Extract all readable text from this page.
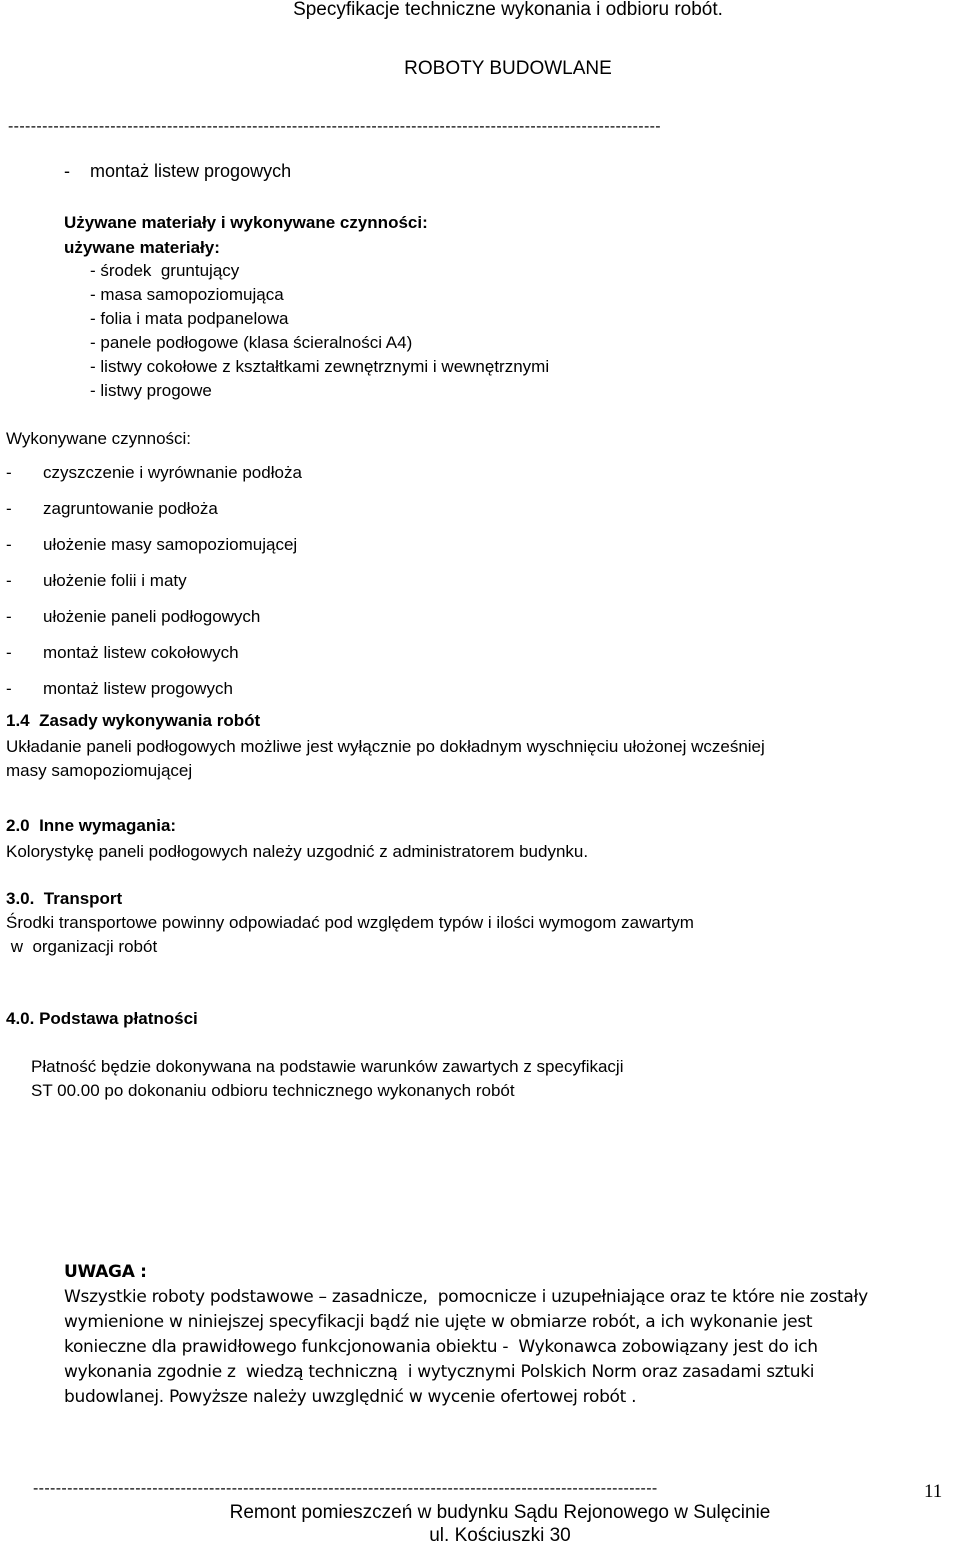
Specyfikacje techniczne wykonania i odbioru robót.
ROBOTY BUDOWLANE
-------------------------------------------------------------------------------------------------------------------
-    montaż listew progowych
Używane materiały i wykonywane czynności:
używane materiały:
- środek  gruntujący
- masa samopoziomująca
- folia i mata podpanelowa
- panele podłogowe (klasa ścieralności A4)
- listwy cokołowe z kształtkami zewnętrznymi i wewnętrznymi
- listwy progowe
Wykonywane czynności:
- czyszczenie i wyrównanie podłoża
- zagruntowanie podłoża
- ułożenie masy samopoziomującej
- ułożenie folii i maty
- ułożenie paneli podłogowych
- montaż listew cokołowych
- montaż listew progowych
1.4  Zasady wykonywania robót
Układanie paneli podłogowych możliwe jest wyłącznie po dokładnym wyschnięciu ułożonej wcześniej
masy samopoziomującej
2.0  Inne wymagania:
Kolorystykę paneli podłogowych należy uzgodnić z administratorem budynku.
3.0.  Transport
Środki transportowe powinny odpowiadać pod względem typów i ilości wymogom zawartym
w  organizacji robót
4.0. Podstawa płatności
Płatność będzie dokonywana na podstawie warunków zawartych z specyfikacji
ST 00.00 po dokonaniu odbioru technicznego wykonanych robót
UWAGA :
Wszystkie roboty podstawowe – zasadnicze,  pomocnicze i uzupełniające oraz te które nie zostały
wymienione w niniejszej specyfikacji bądź nie ujęte w obmiarze robót, a ich wykonanie jest
konieczne dla prawidłowego funkcjonowania obiektu -  Wykonawca zobowiązany jest do ich
wykonania zgodnie z  wiedzą techniczną  i wytycznymi Polskich Norm oraz zasadami sztuki
budowlanej. Powyższe należy uwzględnić w wycenie ofertowej robót .
--------------------------------------------------------------------------------------------------------------	11
Remont pomieszczeń w budynku Sądu Rejonowego w Sulęcinie
ul. Kościuszki 30
